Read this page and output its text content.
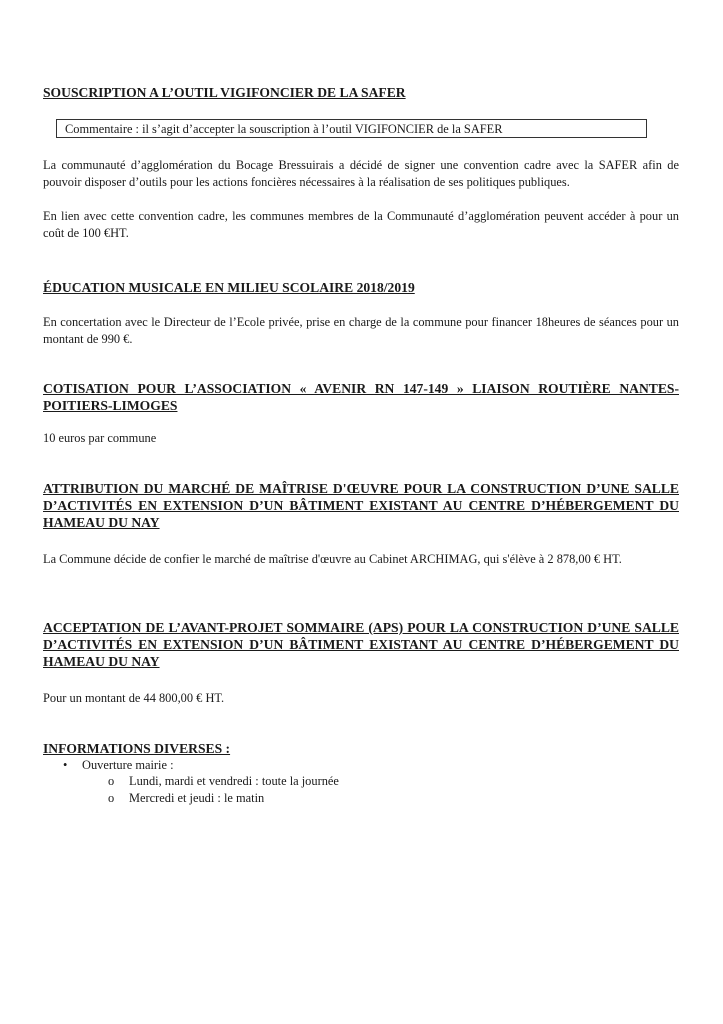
SOUSCRIPTION A L’OUTIL VIGIFONCIER DE LA SAFER
Commentaire : il s’agit d’accepter la souscription à l’outil VIGIFONCIER de la SAFER

La communauté d’agglomération du Bocage Bressuirais a décidé de signer une convention cadre avec la SAFER afin de pouvoir disposer d’outils pour les actions foncières nécessaires à la réalisation de ses politiques publiques.

En lien avec cette convention cadre, les communes membres de la Communauté d’agglomération peuvent accéder à pour un coût de 100 €HT.

ÉDUCATION MUSICALE EN MILIEU SCOLAIRE 2018/2019

En concertation avec le Directeur de l’Ecole privée, prise en charge de la commune pour financer 18heures de séances pour un montant de 990 €.

COTISATION POUR L’ASSOCIATION « AVENIR RN 147-149 » LIAISON ROUTIÈRE NANTES-POITIERS-LIMOGES

10 euros par commune

ATTRIBUTION DU MARCHÉ DE MAÎTRISE D'ŒUVRE POUR LA CONSTRUCTION D’UNE SALLE D’ACTIVITÉS EN EXTENSION D’UN BÂTIMENT EXISTANT AU CENTRE D’HÉBERGEMENT DU HAMEAU DU NAY

La Commune décide de confier le marché de maîtrise d'œuvre au Cabinet ARCHIMAG, qui s'élève à 2 878,00 € HT.

ACCEPTATION DE L’AVANT-PROJET SOMMAIRE (APS) POUR LA CONSTRUCTION D’UNE SALLE D’ACTIVITÉS EN EXTENSION D’UN BÂTIMENT EXISTANT AU CENTRE D’HÉBERGEMENT DU HAMEAU DU NAY

Pour un montant de 44 800,00 € HT.

INFORMATIONS DIVERSES :
• Ouverture mairie :
o Lundi, mardi et vendredi : toute la journée
o Mercredi et jeudi : le matin
